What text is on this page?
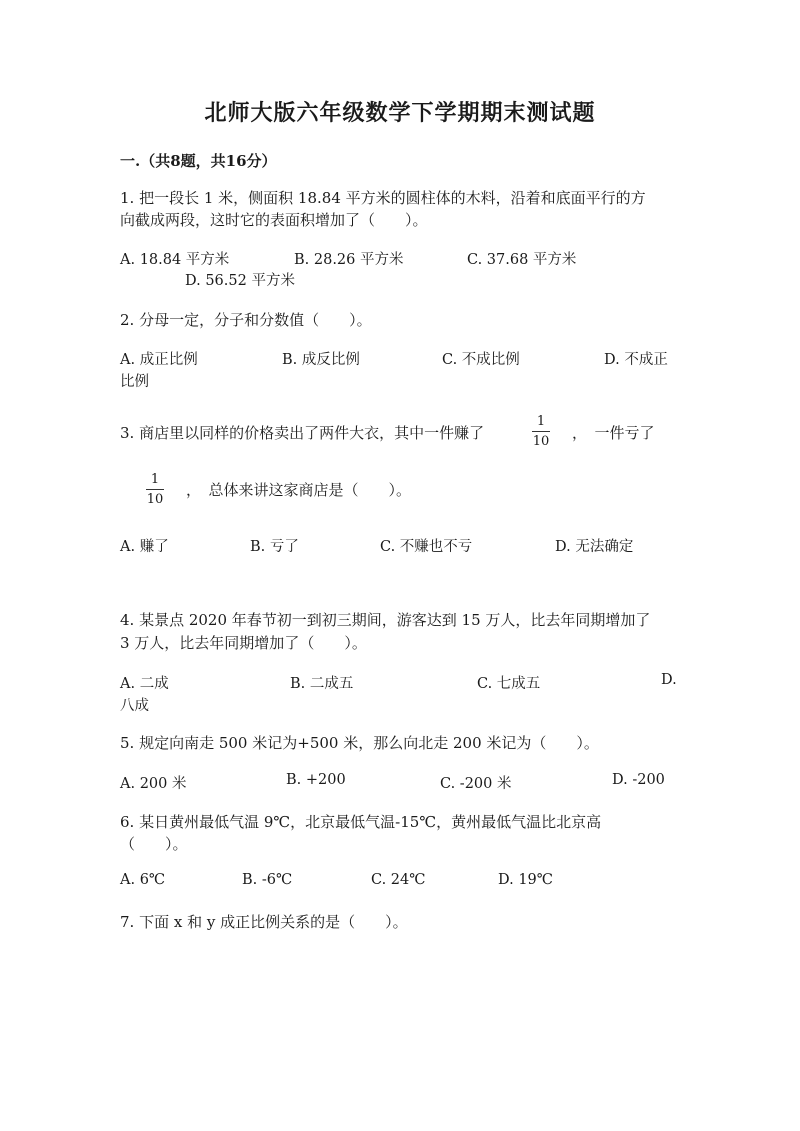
北师大版六年级数学下学期期末测试题
一.（共8题，共16分）
1. 把一段长 1 米，侧面积 18.84 平方米的圆柱体的木料，沿着和底面平行的方
向截成两段，这时它的表面积增加了（　　）。
A. 18.84 平方米	B. 28.26 平方米	C. 37.68 平方米
D. 56.52 平方米
2. 分母一定，分子和分数值（　　）。
A. 成正比例	B. 成反比例	C. 不成比例	D. 不成正
比例
3. 商店里以同样的价格卖出了两件大衣，其中一件赚了
1
10 ，　一件亏了
1
10
，　总体来讲这家商店是（　　）。
A. 赚了	B. 亏了	C. 不赚也不亏	D. 无法确定
4. 某景点 2020 年春节初一到初三期间，游客达到 15 万人，比去年同期增加了
3 万人，比去年同期增加了（　　）。
A. 二成	B. 二成五	C. 七成五	D.
八成
5. 规定向南走 500 米记为+500 米，那么向北走 200 米记为（　　）。
A. 200 米	B. +200	C. -200 米	D. -200
6. 某日黄州最低气温 9℃，北京最低气温-15℃，黄州最低气温比北京高
（　　）。
A. 6℃	B. -6℃	C. 24℃	D. 19℃
7. 下面 x 和 y 成正比例关系的是（　　）。
